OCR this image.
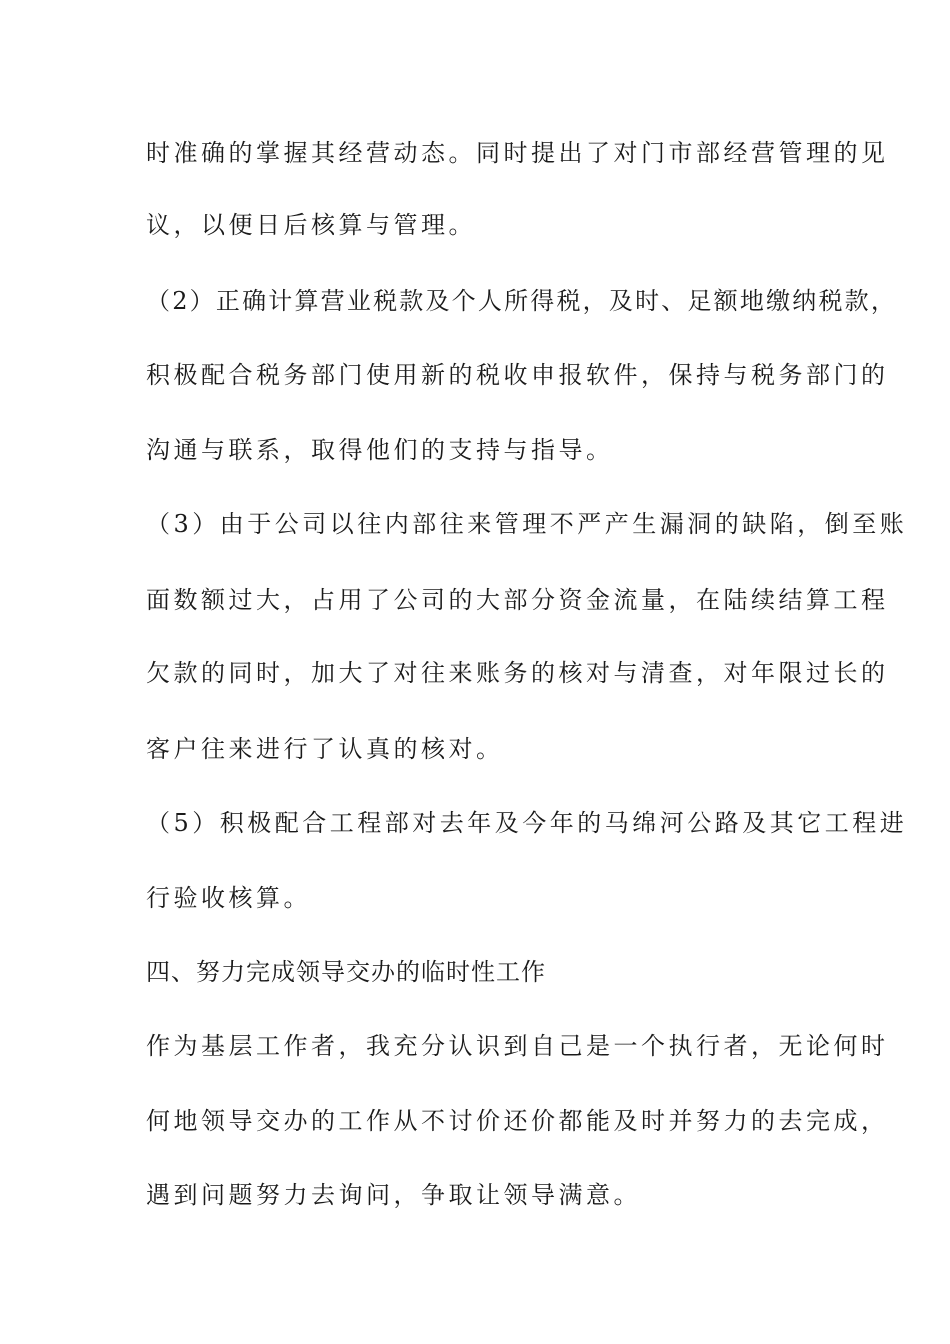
时准确的掌握其经营动态。同时提出了对门市部经营管理的见

议，以便日后核算与管理。

（2）正确计算营业税款及个人所得税，及时、足额地缴纳税款，

积极配合税务部门使用新的税收申报软件，保持与税务部门的

沟通与联系，取得他们的支持与指导。

（3）由于公司以往内部往来管理不严产生漏洞的缺陷，倒至账

面数额过大，占用了公司的大部分资金流量，在陆续结算工程

欠款的同时，加大了对往来账务的核对与清查，对年限过长的

客户往来进行了认真的核对。

（5）积极配合工程部对去年及今年的马绵河公路及其它工程进

行验收核算。

四、努力完成领导交办的临时性工作

作为基层工作者，我充分认识到自己是一个执行者，无论何时

何地领导交办的工作从不讨价还价都能及时并努力的去完成，

遇到问题努力去询问，争取让领导满意。
